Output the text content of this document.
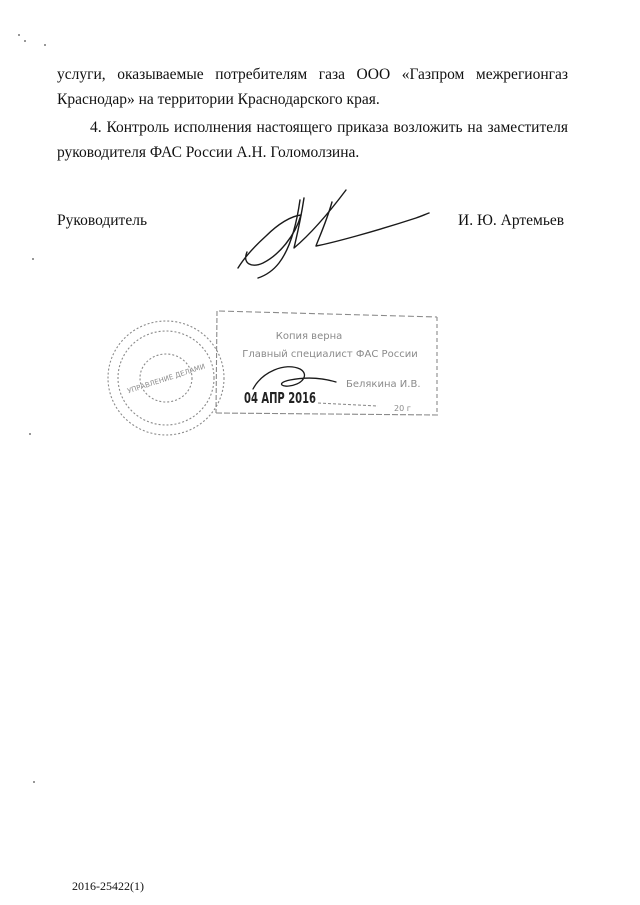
услуги, оказываемые потребителям газа ООО «Газпром межрегионгаз Краснодар» на территории Краснодарского края.

4. Контроль исполнения настоящего приказа возложить на заместителя руководителя ФАС России А.Н. Голомолзина.

Руководитель	И. Ю. Артемьев
УПРАВЛЕНИЕ ДЕЛАМИ
Копия верна
Главный специалист ФАС России
Белякина И.В.
20 г
04 АПР 2016
2016-25422(1)
